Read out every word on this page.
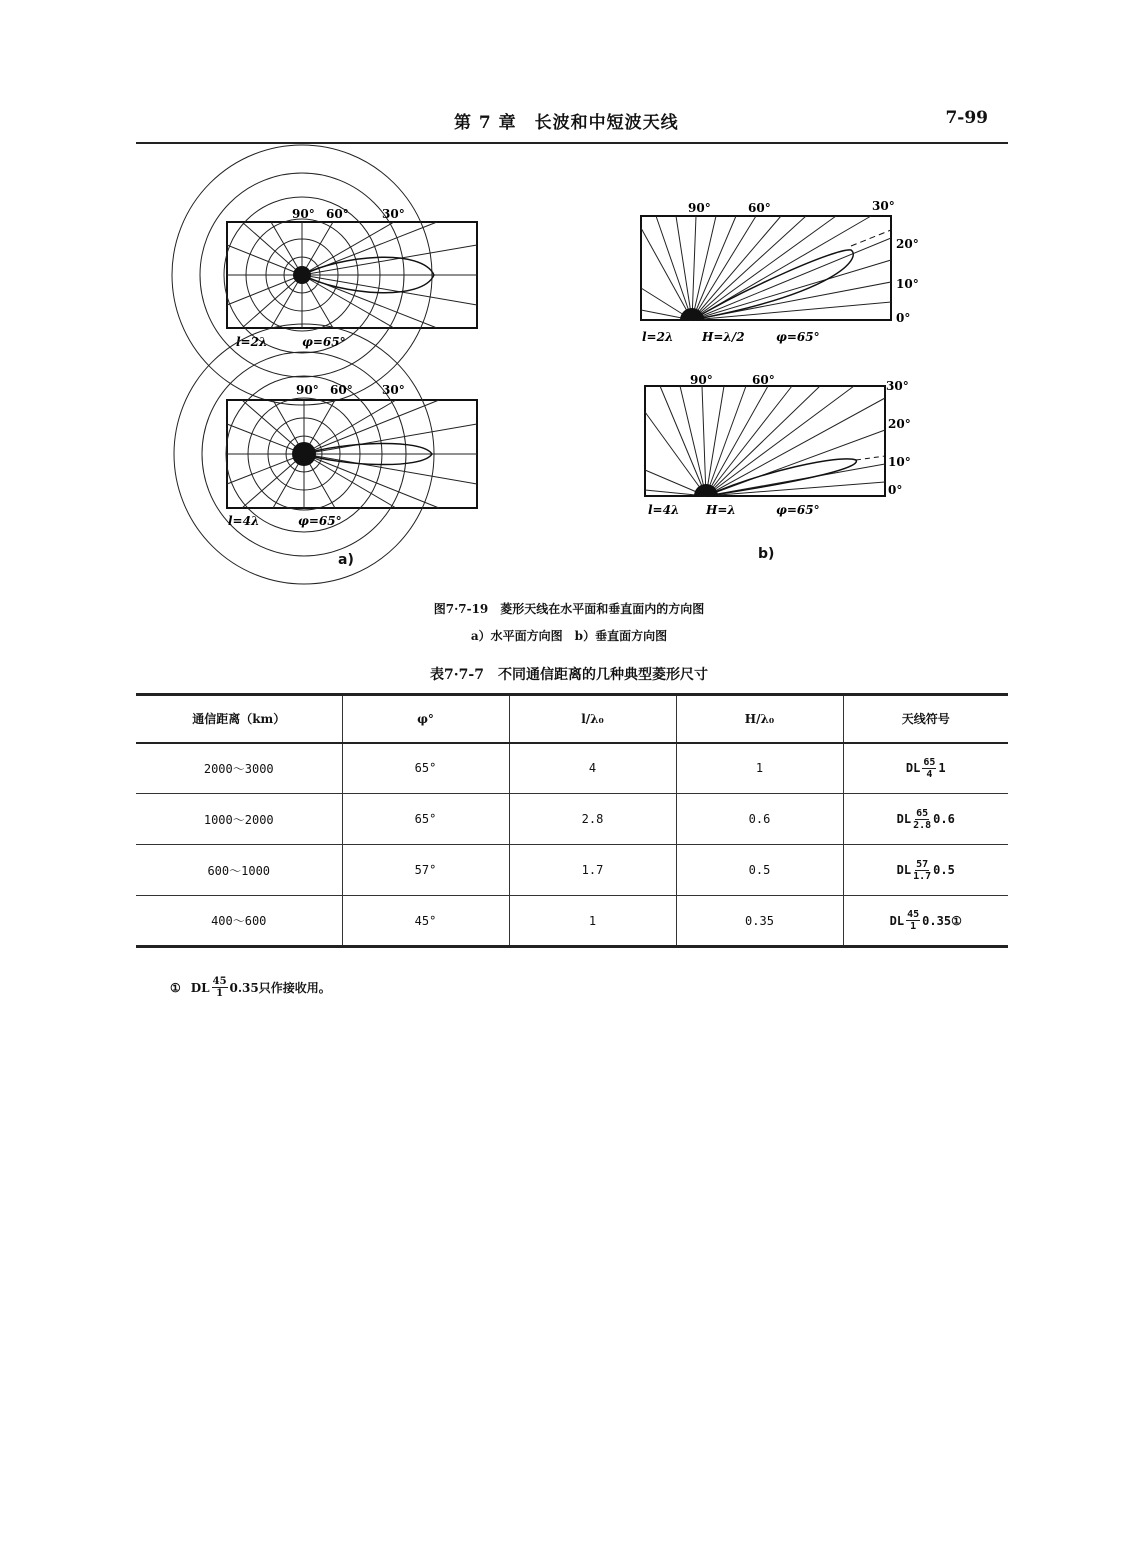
第 7 章　长波和中短波天线	7-99
90° 60°	30°
l=2λ	φ=65°
90° 60° 30°
l=4λ	φ=65°
90°	60°	30°
20°
10°
0°
l=2λ H=λ/2	φ=65°
90°	60°	30°
20°
10°
0°
l=4λ H=λ	φ=65°
a)	b)
图7·7-19　菱形天线在水平面和垂直面内的方向图
a）水平面方向图　b）垂直面方向图
表7·7-7　不同通信距离的几种典型菱形尺寸
通信距离（km）	φ°	l/λ₀	H/λ₀	天线符号
2000～3000	65°	4	1	DL $\frac{65}{4} 1$

1000～2000	65°	2.8	0.6	DL $\frac{65}{2.8} 0.6$

600～1000	57°	1.7	0.5	DL $\frac{57}{1.7} 0.5$

400～600	45°	1	0.35	DL $\frac{45}{1}$ 0.35①
① DL $\frac{45}{1} 0.35$只作接收用。
